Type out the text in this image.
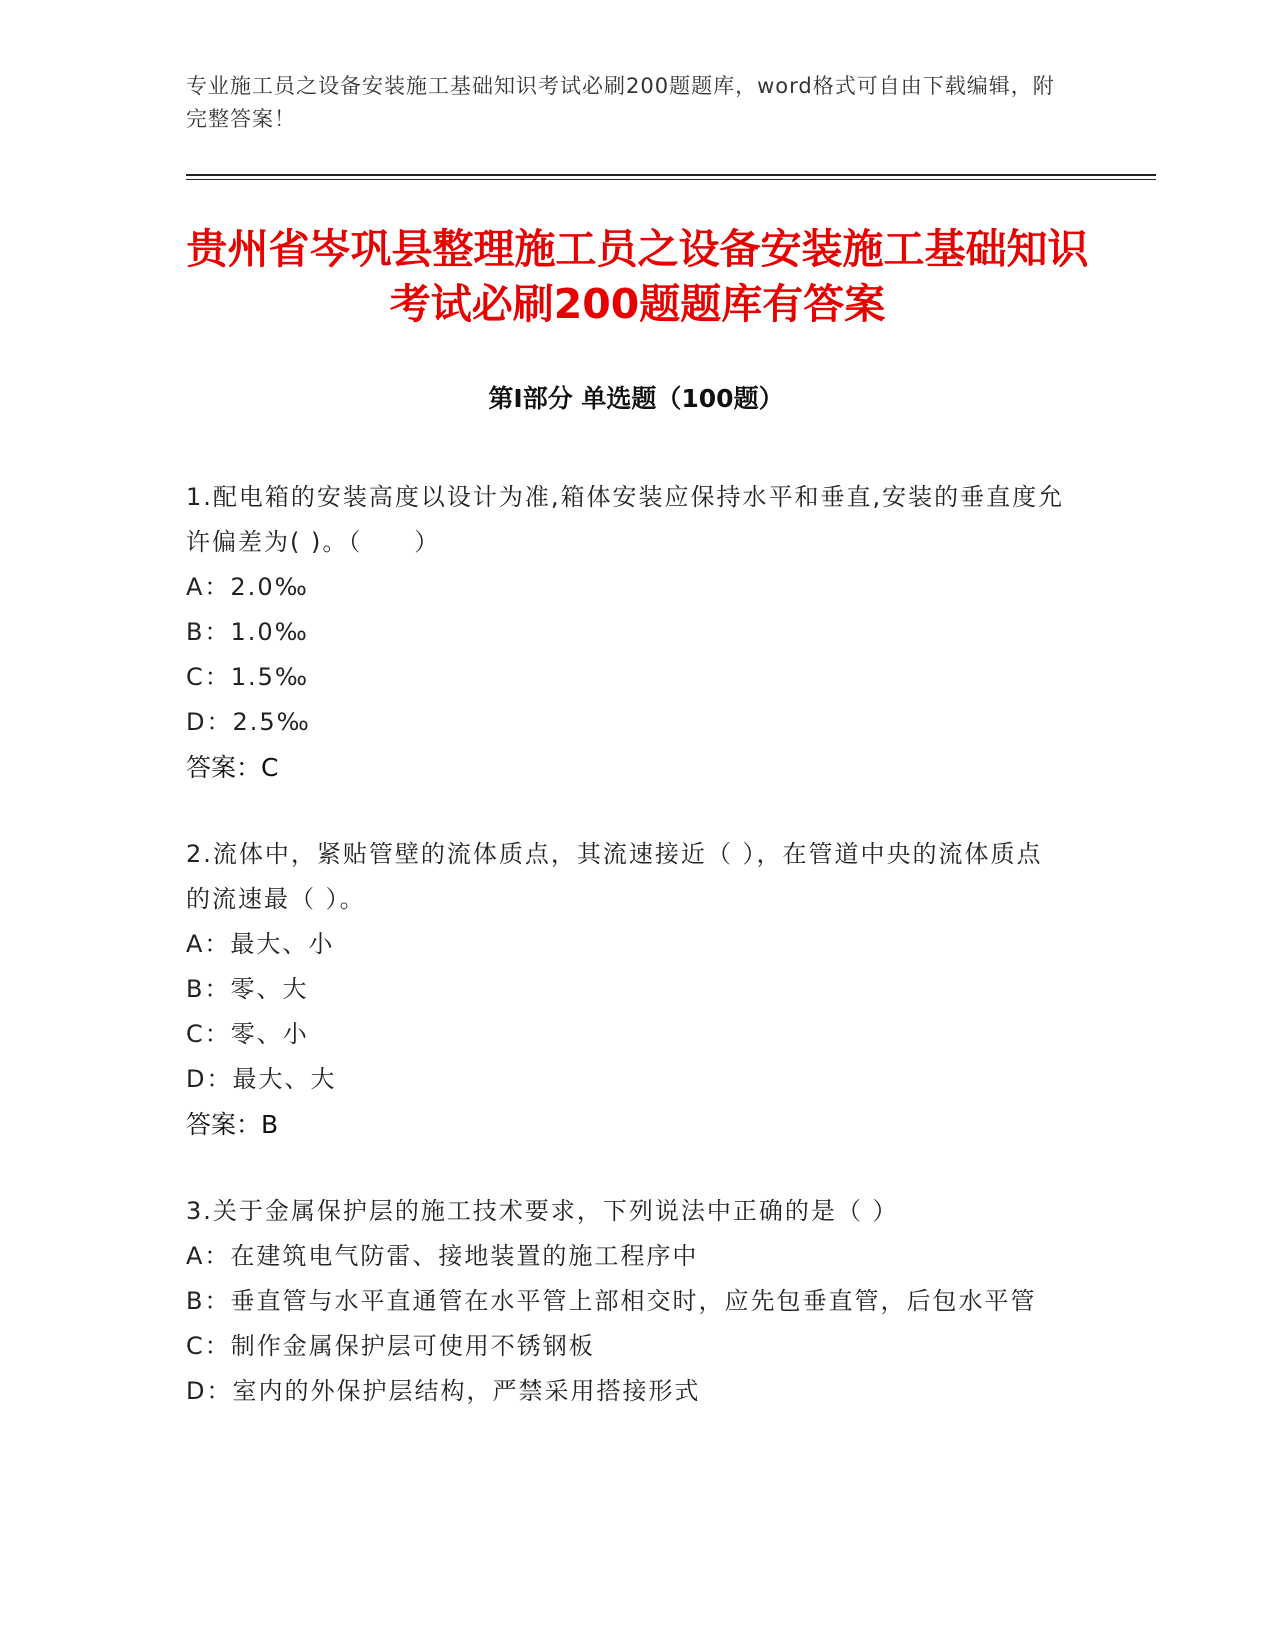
专业施工员之设备安装施工基础知识考试必刷200题题库，word格式可自由下载编辑，附完整答案！
贵州省岑巩县整理施工员之设备安装施工基础知识考试必刷200题题库有答案
第Ⅰ部分 单选题（100题）
1.配电箱的安装高度以设计为准,箱体安装应保持水平和垂直,安装的垂直度允许偏差为( )。（　　）
A：2.0‰
B：1.0‰
C：1.5‰
D：2.5‰
答案：C
2.流体中，紧贴管壁的流体质点，其流速接近（ ），在管道中央的流体质点的流速最（ ）。
A：最大、小
B：零、大
C：零、小
D：最大、大
答案：B
3.关于金属保护层的施工技术要求，下列说法中正确的是（ ）
A：在建筑电气防雷、接地装置的施工程序中
B：垂直管与水平直通管在水平管上部相交时，应先包垂直管，后包水平管
C：制作金属保护层可使用不锈钢板
D：室内的外保护层结构，严禁采用搭接形式
